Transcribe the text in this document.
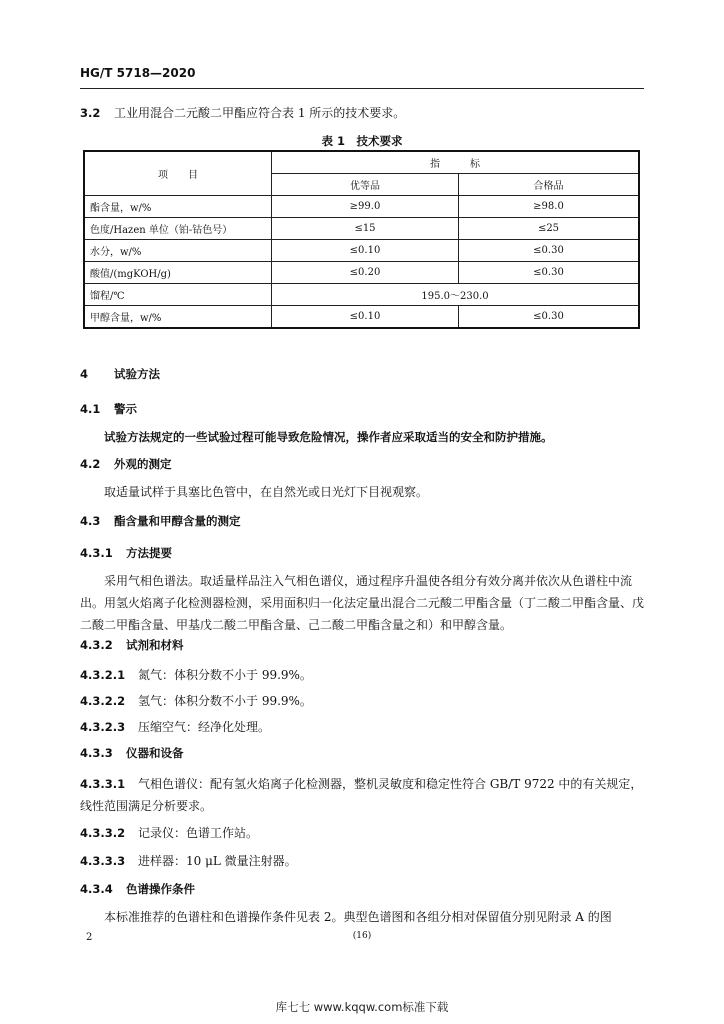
HG/T 5718—2020
3.2 工业用混合二元酸二甲酯应符合表 1 所示的技术要求。
表 1　技术要求
项　　目	指　　　标	
	优等品	合格品
酯含量，w/%	≥99.0	≥98.0
色度/Hazen 单位（铂-钴色号）	≤15	≤25
水分，w/%	≤0.10	≤0.30
酸值/(mgKOH/g)	≤0.20	≤0.30
馏程/℃	195.0～230.0	
甲醇含量，w/%	≤0.10	≤0.30
4 试验方法
4.1 警示
试验方法规定的一些试验过程可能导致危险情况，操作者应采取适当的安全和防护措施。
4.2 外观的测定
取适量试样于具塞比色管中，在自然光或日光灯下目视观察。
4.3 酯含量和甲醇含量的测定
4.3.1 方法提要
采用气相色谱法。取适量样品注入气相色谱仪，通过程序升温使各组分有效分离并依次从色谱柱中流出。用氢火焰离子化检测器检测，采用面积归一化法定量出混合二元酸二甲酯含量（丁二酸二甲酯含量、戊二酸二甲酯含量、甲基戊二酸二甲酯含量、己二酸二甲酯含量之和）和甲醇含量。
4.3.2 试剂和材料
4.3.2.1 氮气：体积分数不小于 99.9%。
4.3.2.2 氢气：体积分数不小于 99.9%。
4.3.2.3 压缩空气：经净化处理。
4.3.3 仪器和设备
4.3.3.1 气相色谱仪：配有氢火焰离子化检测器，整机灵敏度和稳定性符合 GB/T 9722 中的有关规定，线性范围满足分析要求。
4.3.3.2 记录仪：色谱工作站。
4.3.3.3 进样器：10 μL 微量注射器。
4.3.4 色谱操作条件
本标准推荐的色谱柱和色谱操作条件见表 2。典型色谱图和各组分相对保留值分别见附录 A 的图
2	(16)
库七七 www.kqqw.com标准下载
